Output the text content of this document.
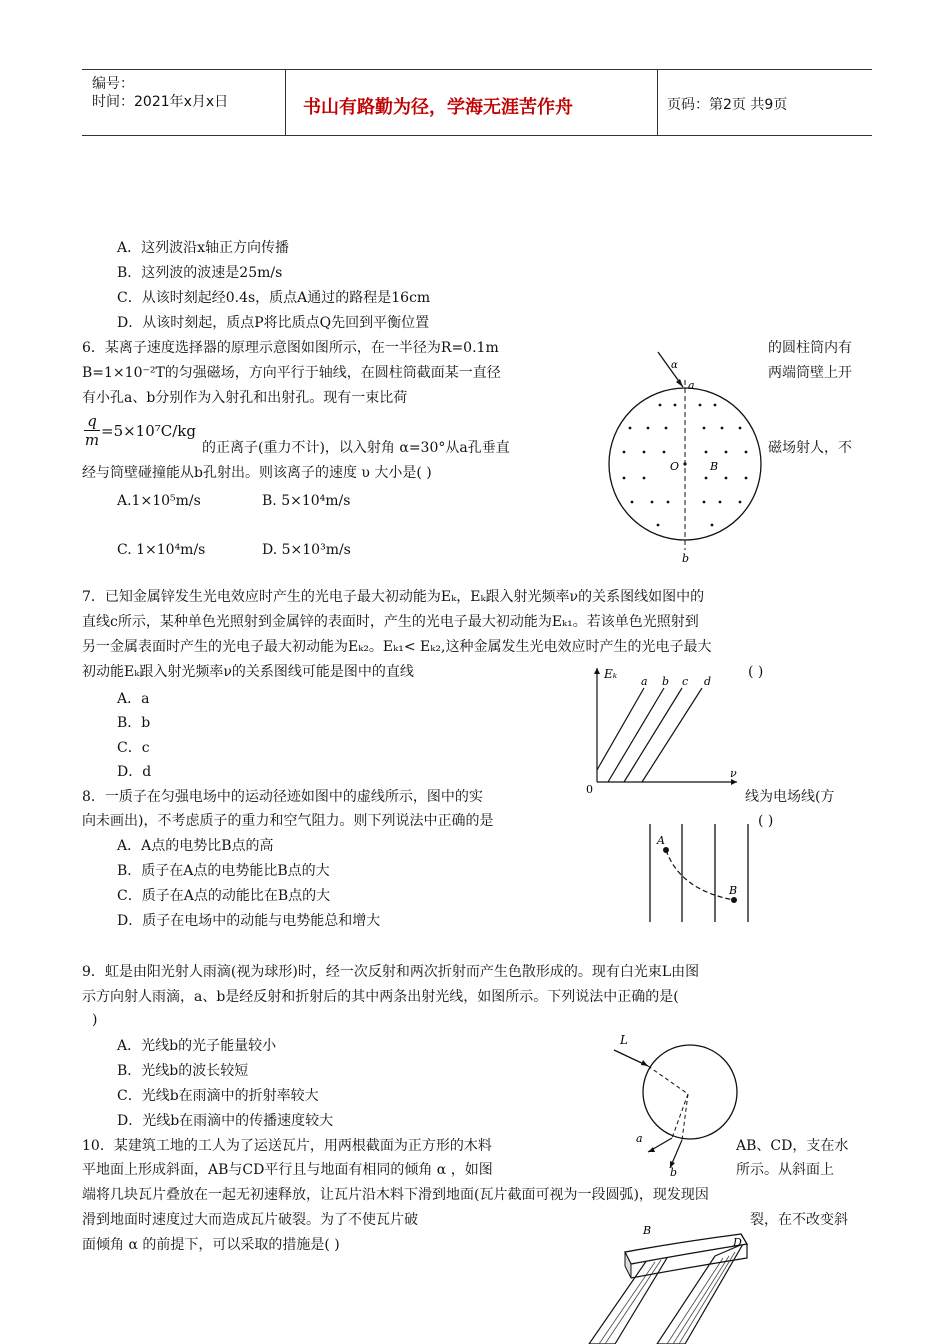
编号：
时间：2021年x月x日	书山有路勤为径，学海无涯苦作舟	页码：第2页 共9页
A．这列波沿x轴正方向传播
B．这列波的波速是25m/s
C．从该时刻起经0.4s，质点A通过的路程是16cm
D．从该时刻起，质点P将比质点Q先回到平衡位置
6．某离子速度选择器的原理示意图如图所示，在一半径为R=0.1m	的圆柱筒内有
B=1×10⁻²T的匀强磁场，方向平行于轴线，在圆柱筒截面某一直径	两端筒壁上开
有小孔a、b分别作为入射孔和出射孔。现有一束比荷
q
m =5×10⁷C/kg
的正离子(重力不计)，以入射角 α=30°从a孔垂直	磁场射人，不
经与筒壁碰撞能从b孔射出。则该离子的速度 υ 大小是( )
A.1×10⁵m/s	B. 5×10⁴m/s
C. 1×10⁴m/s	D. 5×10³m/s
α
a
O	B
b
7．已知金属锌发生光电效应时产生的光电子最大初动能为Eₖ，Eₖ跟入射光频率ν的关系图线如图中的
直线c所示，某种单色光照射到金属锌的表面时，产生的光电子最大初动能为Eₖ₁。若该单色光照射到
另一金属表面时产生的光电子最大初动能为Eₖ₂。Eₖ₁< Eₖ₂,这种金属发生光电效应时产生的光电子最大
初动能Eₖ跟入射光频率ν的关系图线可能是图中的直线	( )
A．a
B．b
C．c
D．d
Eₖ
ν
0
a b c d
8．一质子在匀强电场中的运动径迹如图中的虚线所示，图中的实	线为电场线(方
向未画出)，不考虑质子的重力和空气阻力。则下列说法中正确的是	( )
A．A点的电势比B点的高
B．质子在A点的电势能比B点的大
C．质子在A点的动能比在B点的大
D．质子在电场中的动能与电势能总和增大
A
B
9．虹是由阳光射人雨滴(视为球形)时，经一次反射和两次折射而产生色散形成的。现有白光束L由图
示方向射人雨滴，a、b是经反射和折射后的其中两条出射光线，如图所示。下列说法中正确的是(
)
A．光线b的光子能量较小
B．光线b的波长较短
C．光线b在雨滴中的折射率较大
D．光线b在雨滴中的传播速度较大
L
a
b
10．某建筑工地的工人为了运送瓦片，用两根截面为正方形的木料	AB、CD，支在水
平地面上形成斜面，AB与CD平行且与地面有相同的倾角 α ，如图	所示。从斜面上
端将几块瓦片叠放在一起无初速释放，让瓦片沿木料下滑到地面(瓦片截面可视为一段圆弧)，现发现因
滑到地面时速度过大而造成瓦片破裂。为了不使瓦片破	裂，在不改变斜
面倾角 α 的前提下，可以采取的措施是( )
B
D
